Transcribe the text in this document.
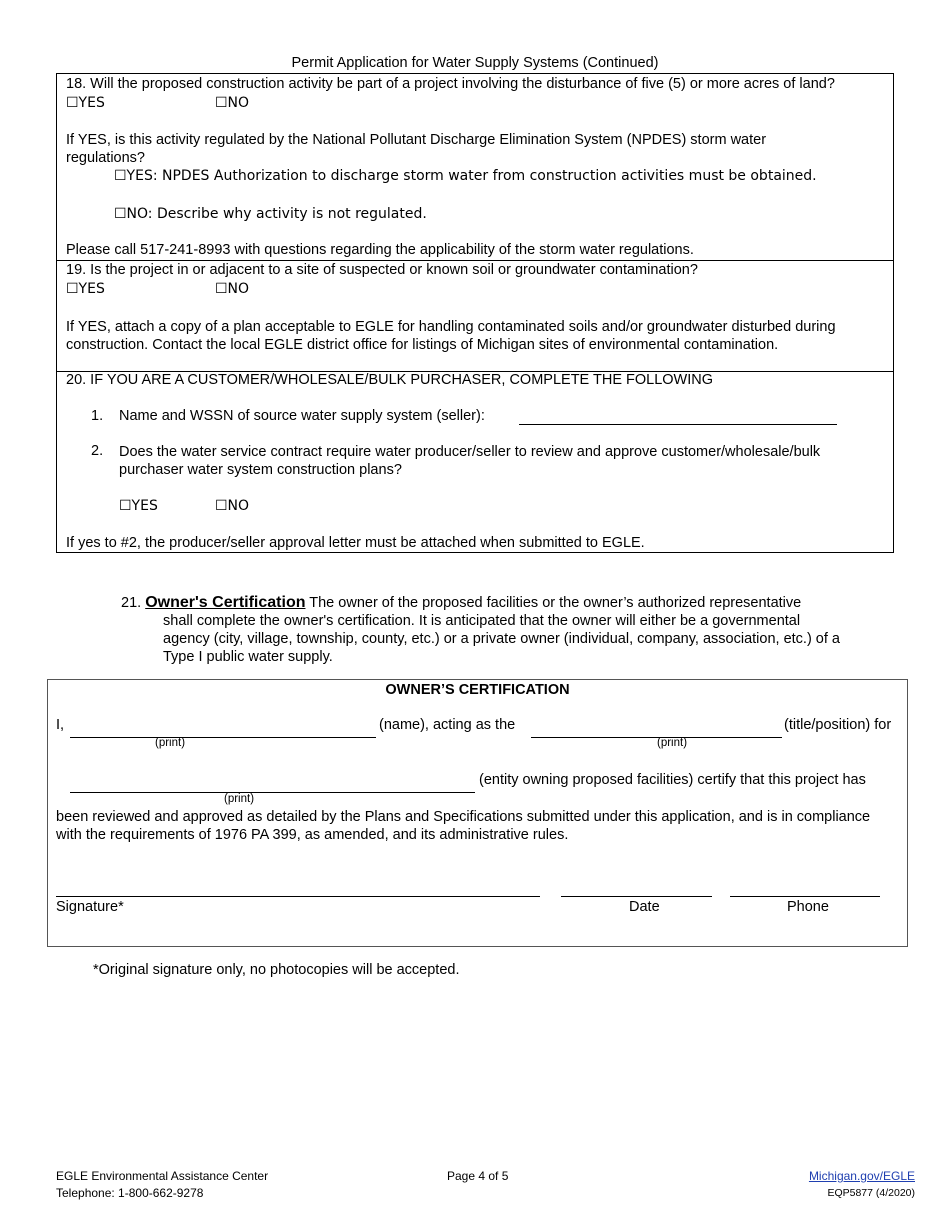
Permit Application for Water Supply Systems (Continued)
18. Will the proposed construction activity be part of a project involving the disturbance of five (5) or more acres of land?
☐YES	☐NO
If YES, is this activity regulated by the National Pollutant Discharge Elimination System (NPDES) storm water regulations?
☐YES: NPDES Authorization to discharge storm water from construction activities must be obtained.
☐NO: Describe why activity is not regulated.
Please call 517-241-8993 with questions regarding the applicability of the storm water regulations.
19. Is the project in or adjacent to a site of suspected or known soil or groundwater contamination?
☐YES	☐NO
If YES, attach a copy of a plan acceptable to EGLE for handling contaminated soils and/or groundwater disturbed during construction. Contact the local EGLE district office for listings of Michigan sites of environmental contamination.
20. IF YOU ARE A CUSTOMER/WHOLESALE/BULK PURCHASER, COMPLETE THE FOLLOWING
1. Name and WSSN of source water supply system (seller):
2. Does the water service contract require water producer/seller to review and approve customer/wholesale/bulk purchaser water system construction plans?
☐YES	☐NO
If yes to #2, the producer/seller approval letter must be attached when submitted to EGLE.
21. Owner's Certification The owner of the proposed facilities or the owner’s authorized representative
shall complete the owner's certification. It is anticipated that the owner will either be a governmental agency (city, village, township, county, etc.) or a private owner (individual, company, association, etc.) of a Type I public water supply.
OWNER’S CERTIFICATION
I,
(print)
(name), acting as the
(print)
(title/position) for
(print)
(entity owning proposed facilities) certify that this project has
been reviewed and approved as detailed by the Plans and Specifications submitted under this application, and is in compliance with the requirements of 1976 PA 399, as amended, and its administrative rules.
Signature*	Date	Phone
*Original signature only, no photocopies will be accepted.
EGLE Environmental Assistance Center
Telephone: 1-800-662-9278
Page 4 of 5	Michigan.gov/EGLE
EQP5877 (4/2020)
